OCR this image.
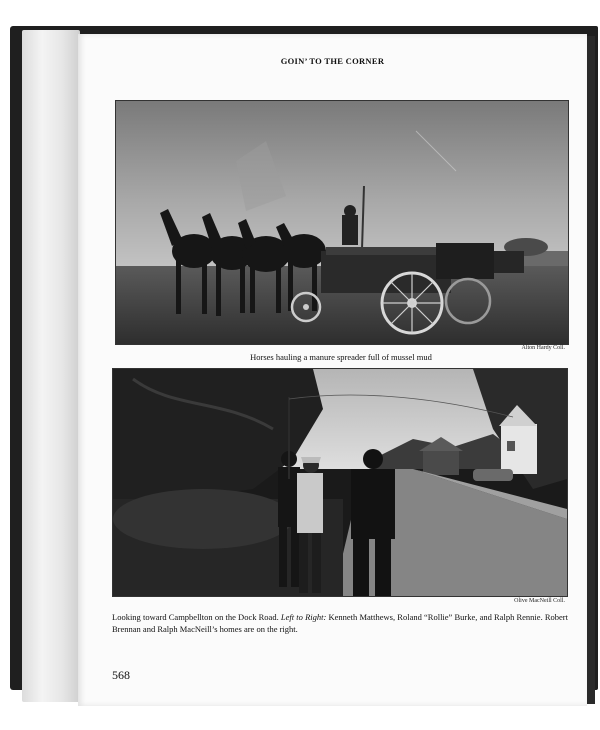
GOIN’ TO THE CORNER
Alton Hardy Coll.
Horses hauling a manure spreader full of mussel mud
Olive MacNeill Coll.
Looking toward Campbellton on the Dock Road. Left to Right: Kenneth Matthews, Roland “Rollie” Burke, and Ralph Rennie. Robert Brennan and Ralph MacNeill’s homes are on the right.
568
